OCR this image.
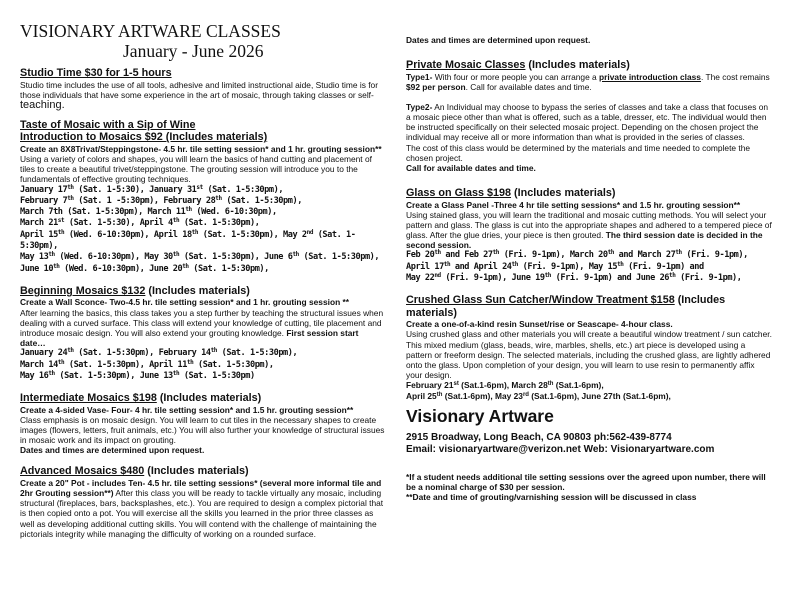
VISIONARY ARTWARE CLASSES

January - June 2026

Studio Time $30 for 1-5 hours

Studio time includes the use of all tools, adhesive and limited instructional aide, Studio time is for those individuals that have some experience in the art of mosaic, through taking classes or self-teaching.

Taste of Mosaic with a Sip of Wine

Introduction to Mosaics $92 (Includes materials)

Create an 8X8Trivat/Steppingstone- 4.5 hr. tile setting session* and 1 hr. grouting session**

Using a variety of colors and shapes, you will learn the basics of hand cutting and placement of tiles to create a beautiful trivet/steppingstone. The grouting session will introduce you to the fundamentals of effective grouting techniques.

January 17th (Sat. 1-5:30), January 31st (Sat. 1-5:30pm),
February 7th (Sat. 1 -5:30pm), February 28th (Sat. 1-5:30pm),
March 7th (Sat. 1-5:30pm), March 11th (Wed. 6-10:30pm),
March 21st (Sat. 1-5:30), April 4th (Sat. 1-5:30pm),
April 15th (Wed. 6-10:30pm), April 18th (Sat. 1-5:30pm), May 2nd (Sat. 1-5:30pm),
May 13th (Wed. 6-10:30pm), May 30th (Sat. 1-5:30pm), June 6th (Sat. 1-5:30pm),
June 10th (Wed. 6-10:30pm), June 20th (Sat. 1-5:30pm),

Beginning Mosaics $132 (Includes materials)

Create a Wall Sconce- Two-4.5 hr. tile setting session* and 1 hr. grouting session **

After learning the basics, this class takes you a step further by teaching the structural issues when dealing with a curved surface. This class will extend your knowledge of cutting, tile placement and introduce mosaic design. You will also extend your grouting knowledge. First session start date…

January 24th (Sat. 1-5:30pm), February 14th (Sat. 1-5:30pm),
March 14th (Sat. 1-5:30pm), April 11th (Sat. 1-5:30pm),
May 16th (Sat. 1-5:30pm), June 13th (Sat. 1-5:30pm)

Intermediate Mosaics $198 (Includes materials)

Create a 4-sided Vase- Four- 4 hr. tile setting session* and 1.5 hr. grouting session**

Class emphasis is on mosaic design. You will learn to cut tiles in the necessary shapes to create images (flowers, letters, fruit animals, etc.) You will also further your knowledge of structural issues in mosaic work and its impact on grouting.

Dates and times are determined upon request.

Advanced Mosaics $480 (Includes materials)

Create a 20" Pot - includes Ten- 4.5 hr. tile setting sessions* (several more informal tile and 2hr Grouting session**) After this class you will be ready to tackle virtually any mosaic, including structural (fireplaces, bars, backsplashes, etc.). You are required to design a complex pictorial that is then copied onto a pot. You will exercise all the skills you learned in the prior three classes as well as developing additional cutting skills. You will contend with the challenge of maintaining the pictorials integrity while managing the difficulty of working on a rounded surface.

Dates and times are determined upon request.

Private Mosaic Classes (Includes materials)

Type1- With four or more people you can arrange a private introduction class. The cost remains $92 per person. Call for available dates and time.

Type2- An Individual may choose to bypass the series of classes and take a class that focuses on a mosaic piece other than what is offered, such as a table, dresser, etc. The individual would then be instructed specifically on their selected mosaic project. Depending on the chosen project the individual may receive all or more information than what is provided in the series of classes.

The cost of this class would be determined by the materials and time needed to complete the chosen project.

Call for available dates and time.

Glass on Glass $198 (Includes materials)

Create a Glass Panel -Three 4 hr tile setting sessions* and 1.5 hr. grouting session**

Using stained glass, you will learn the traditional and mosaic cutting methods. You will select your pattern and glass. The glass is cut into the appropriate shapes and adhered to a tempered piece of glass. After the glue dries, your piece is then grouted. The third session date is decided in the second session.

Feb 20th and Feb 27th (Fri. 9-1pm), March 20th and March 27th (Fri. 9-1pm),
April 17th and April 24th (Fri. 9-1pm), May 15th (Fri. 9-1pm) and
May 22nd (Fri. 9-1pm), June 19th (Fri. 9-1pm) and June 26th (Fri. 9-1pm),

Crushed Glass Sun Catcher/Window Treatment $158 (Includes materials)

Create a one-of-a-kind resin Sunset/rise or Seascape- 4-hour class.

Using crushed glass and other materials you will create a beautiful window treatment / sun catcher.

This mixed medium (glass, beads, wire, marbles, shells, etc.) art piece is developed using a pattern or freeform design. The selected materials, including the crushed glass, are lightly adhered onto the glass. Upon completion of your design, you will learn to use resin to permanently affix your design.

February 21st (Sat.1-6pm), March 28th (Sat.1-6pm),
April 25th (Sat.1-6pm), May 23rd (Sat.1-6pm), June 27th (Sat.1-6pm),

Visionary Artware

2915 Broadway, Long Beach, CA 90803 ph:562-439-8774

Email: visionaryartware@verizon.net Web: Visionaryartware.com

*If a student needs additional tile setting sessions over the agreed upon number, there will be a nominal charge of $30 per session.

**Date and time of grouting/varnishing session will be discussed in class
